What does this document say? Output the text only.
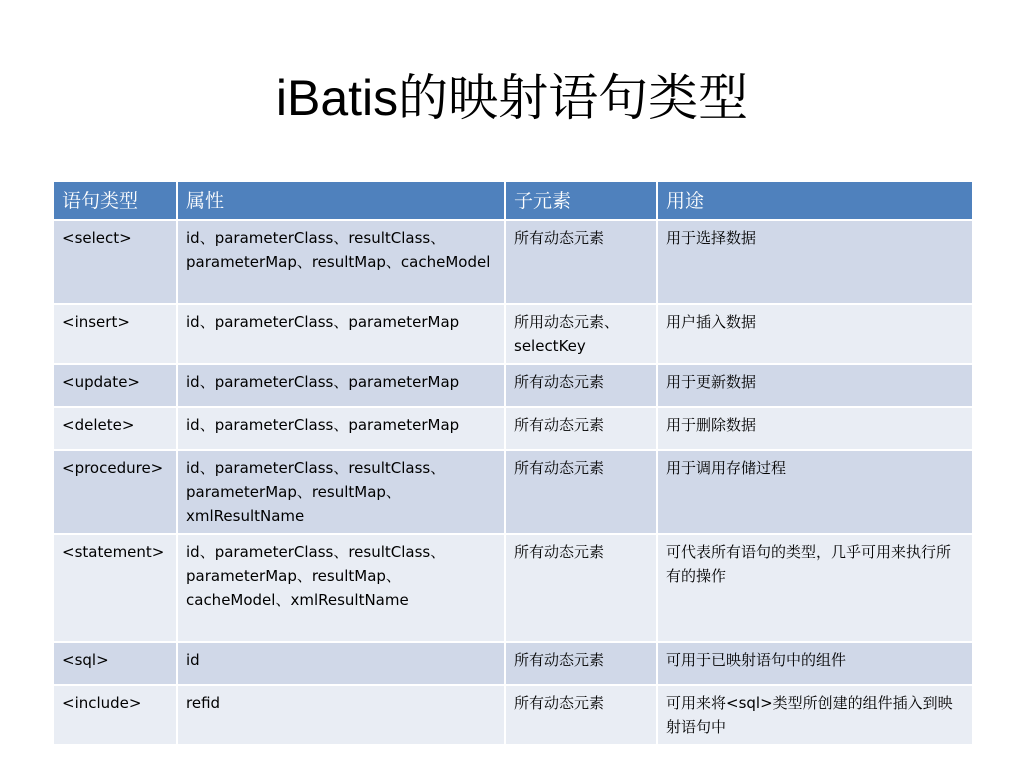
iBatis的映射语句类型
语句类型	属性	子元素	用途
<select>	id、parameterClass、resultClass、parameterMap、resultMap、cacheModel	所有动态元素	用于选择数据
<insert>	id、parameterClass、parameterMap	所用动态元素、selectKey	用户插入数据
<update>	id、parameterClass、parameterMap	所有动态元素	用于更新数据
<delete>	id、parameterClass、parameterMap	所有动态元素	用于删除数据
<procedure>	id、parameterClass、resultClass、parameterMap、resultMap、xmlResultName	所有动态元素	用于调用存储过程
<statement>	id、parameterClass、resultClass、parameterMap、resultMap、cacheModel、xmlResultName	所有动态元素	可代表所有语句的类型，几乎可用来执行所有的操作
<sql>	id	所有动态元素	可用于已映射语句中的组件
<include>	refid	所有动态元素	可用来将<sql>类型所创建的组件插入到映射语句中
